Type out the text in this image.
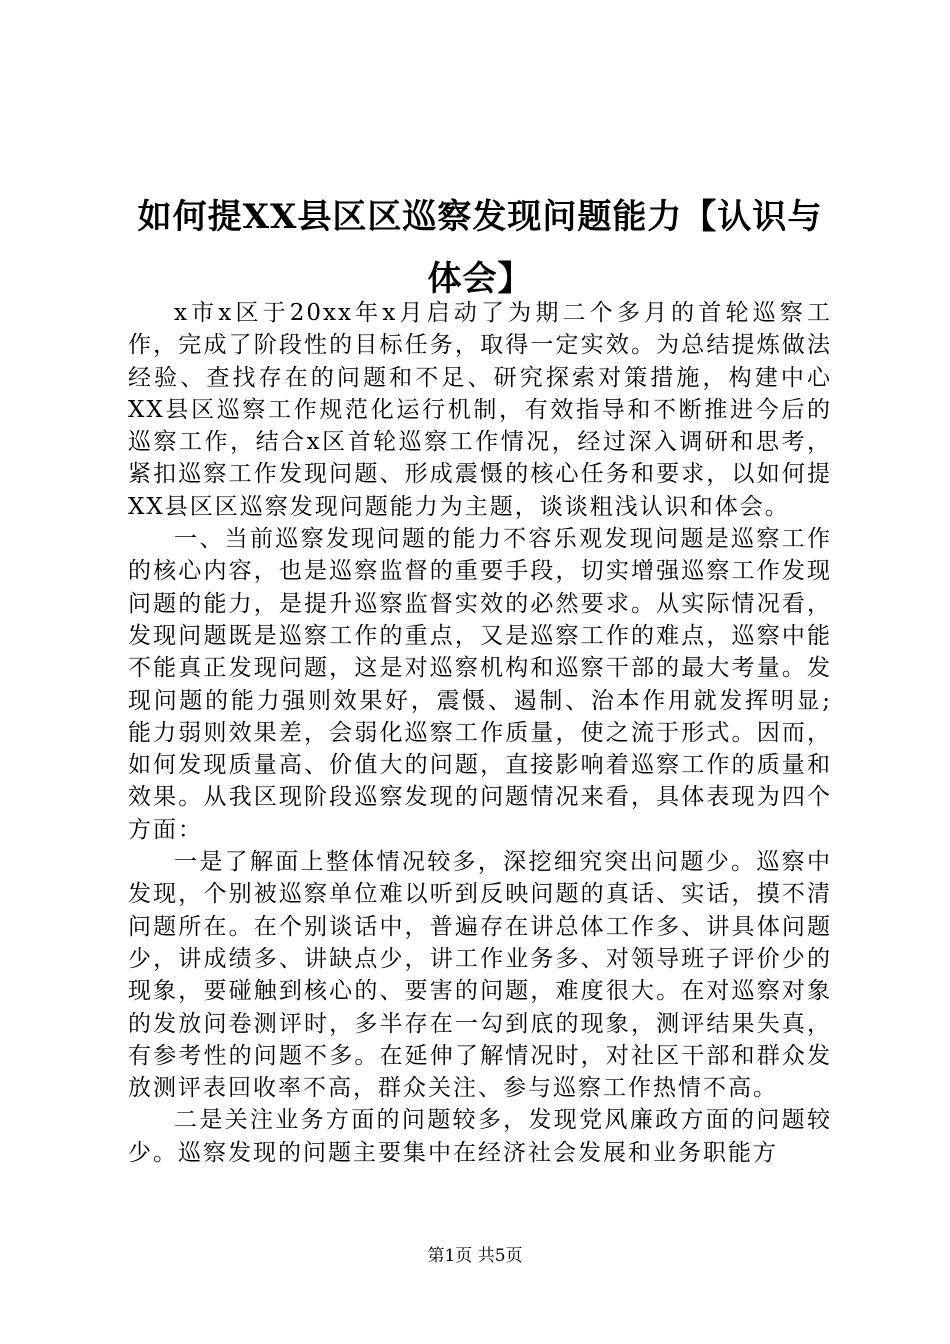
如何提XX县区区巡察发现问题能力【认识与体会】

x市x区于20xx年x月启动了为期二个多月的首轮巡察工作，完成了阶段性的目标任务，取得一定实效。为总结提炼做法经验、查找存在的问题和不足、研究探索对策措施，构建中心XX县区巡察工作规范化运行机制，有效指导和不断推进今后的巡察工作，结合x区首轮巡察工作情况，经过深入调研和思考，紧扣巡察工作发现问题、形成震慑的核心任务和要求，以如何提XX县区区巡察发现问题能力为主题，谈谈粗浅认识和体会。

一、当前巡察发现问题的能力不容乐观发现问题是巡察工作的核心内容，也是巡察监督的重要手段，切实增强巡察工作发现问题的能力，是提升巡察监督实效的必然要求。从实际情况看，发现问题既是巡察工作的重点，又是巡察工作的难点，巡察中能不能真正发现问题，这是对巡察机构和巡察干部的最大考量。发现问题的能力强则效果好，震慑、遏制、治本作用就发挥明显;能力弱则效果差，会弱化巡察工作质量，使之流于形式。因而，如何发现质量高、价值大的问题，直接影响着巡察工作的质量和效果。从我区现阶段巡察发现的问题情况来看，具体表现为四个方面：

一是了解面上整体情况较多，深挖细究突出问题少。巡察中发现，个别被巡察单位难以听到反映问题的真话、实话，摸不清问题所在。在个别谈话中，普遍存在讲总体工作多、讲具体问题少，讲成绩多、讲缺点少，讲工作业务多、对领导班子评价少的现象，要碰触到核心的、要害的问题，难度很大。在对巡察对象的发放问卷测评时，多半存在一勾到底的现象，测评结果失真，有参考性的问题不多。在延伸了解情况时，对社区干部和群众发放测评表回收率不高，群众关注、参与巡察工作热情不高。

二是关注业务方面的问题较多，发现党风廉政方面的问题较少。巡察发现的问题主要集中在经济社会发展和业务职能方

第1页 共5页
